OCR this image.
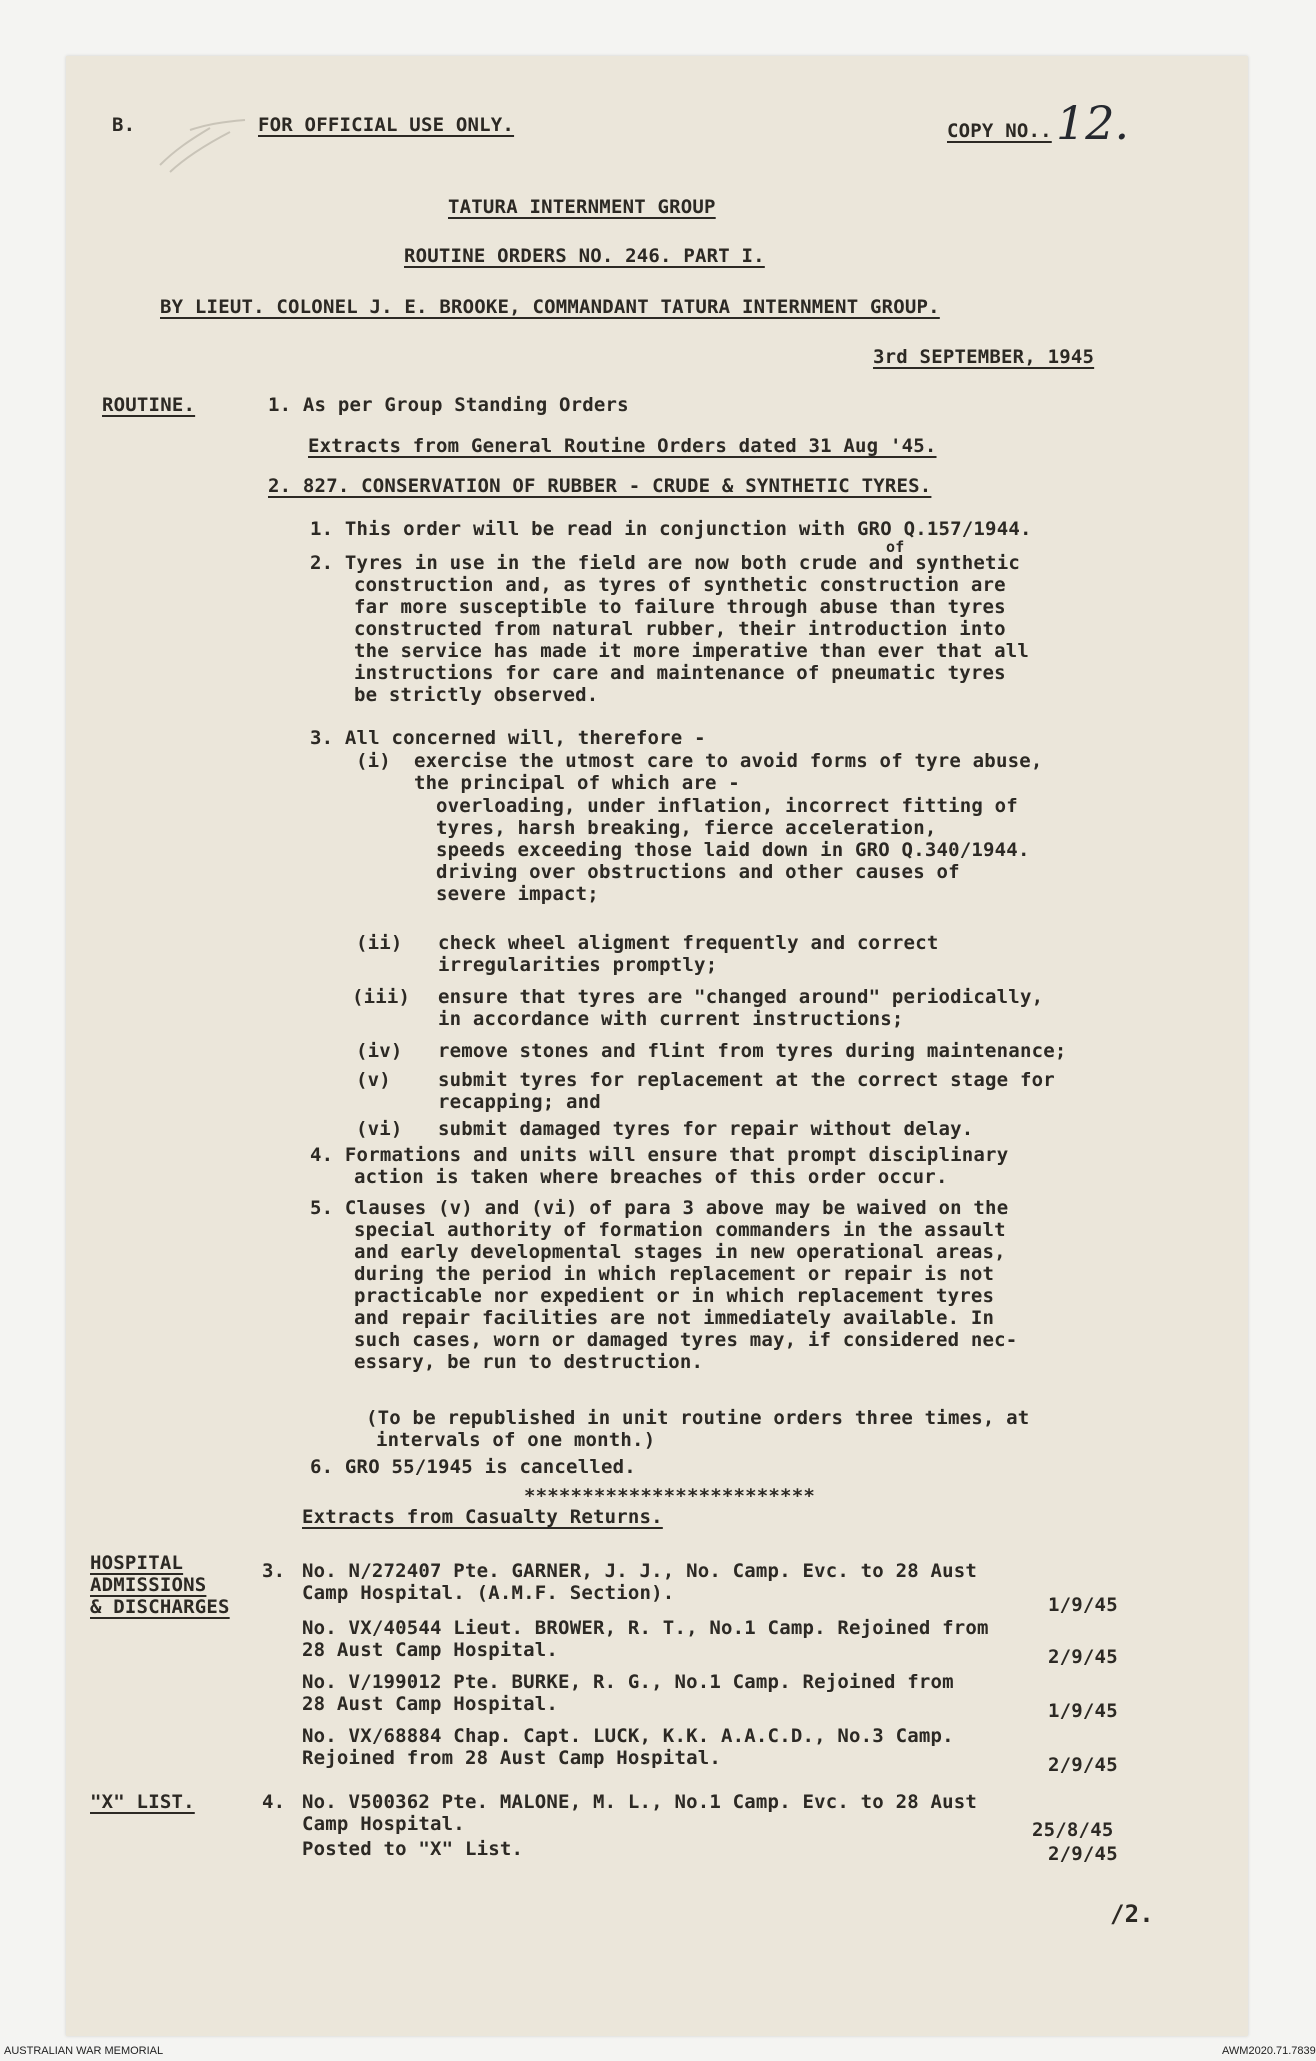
B.	FOR OFFICIAL USE ONLY.	COPY NO.. 12.
TATURA INTERNMENT GROUP
ROUTINE ORDERS NO. 246. PART I.
BY LIEUT. COLONEL J. E. BROOKE, COMMANDANT TATURA INTERNMENT GROUP.
3rd SEPTEMBER, 1945
ROUTINE.	1. As per Group Standing Orders
Extracts from General Routine Orders dated 31 Aug '45.
2. 827. CONSERVATION OF RUBBER - CRUDE & SYNTHETIC TYRES.
1. This order will be read in conjunction with GRO Q.157/1944.
of
2. Tyres in use in the field are now both crude and synthetic
construction and, as tyres of synthetic construction are
far more susceptible to failure through abuse than tyres
constructed from natural rubber, their introduction into
the service has made it more imperative than ever that all
instructions for care and maintenance of pneumatic tyres
be strictly observed.
3. All concerned will, therefore -
(i) exercise the utmost care to avoid forms of tyre abuse,
the principal of which are -
overloading, under inflation, incorrect fitting of
tyres, harsh breaking, fierce acceleration,
speeds exceeding those laid down in GRO Q.340/1944.
driving over obstructions and other causes of
severe impact;
(ii) check wheel aligment frequently and correct
irregularities promptly;
(iii) ensure that tyres are "changed around" periodically,
in accordance with current instructions;
(iv) remove stones and flint from tyres during maintenance;
(v) submit tyres for replacement at the correct stage for
recapping; and
(vi) submit damaged tyres for repair without delay.
4. Formations and units will ensure that prompt disciplinary
action is taken where breaches of this order occur.
5. Clauses (v) and (vi) of para 3 above may be waived on the
special authority of formation commanders in the assault
and early developmental stages in new operational areas,
during the period in which replacement or repair is not
practicable nor expedient or in which replacement tyres
and repair facilities are not immediately available. In
such cases, worn or damaged tyres may, if considered nec-
essary, be run to destruction.
(To be republished in unit routine orders three times, at
intervals of one month.)
6. GRO 55/1945 is cancelled.
*************************
Extracts from Casualty Returns.
HOSPITAL
ADMISSIONS
& DISCHARGES
3. No. N/272407 Pte. GARNER, J. J., No. Camp. Evc. to 28 Aust
Camp Hospital. (A.M.F. Section).
1/9/45
No. VX/40544 Lieut. BROWER, R. T., No.1 Camp. Rejoined from
28 Aust Camp Hospital.	2/9/45
No. V/199012 Pte. BURKE, R. G., No.1 Camp. Rejoined from
28 Aust Camp Hospital.	1/9/45
No. VX/68884 Chap. Capt. LUCK, K.K. A.A.C.D., No.3 Camp.
Rejoined from 28 Aust Camp Hospital.	2/9/45
"X" LIST.	4. No. V500362 Pte. MALONE, M. L., No.1 Camp. Evc. to 28 Aust
Camp Hospital.	25/8/45
Posted to "X" List.	2/9/45
/2.
AUSTRALIAN WAR MEMORIAL	AWM2020.71.7839
